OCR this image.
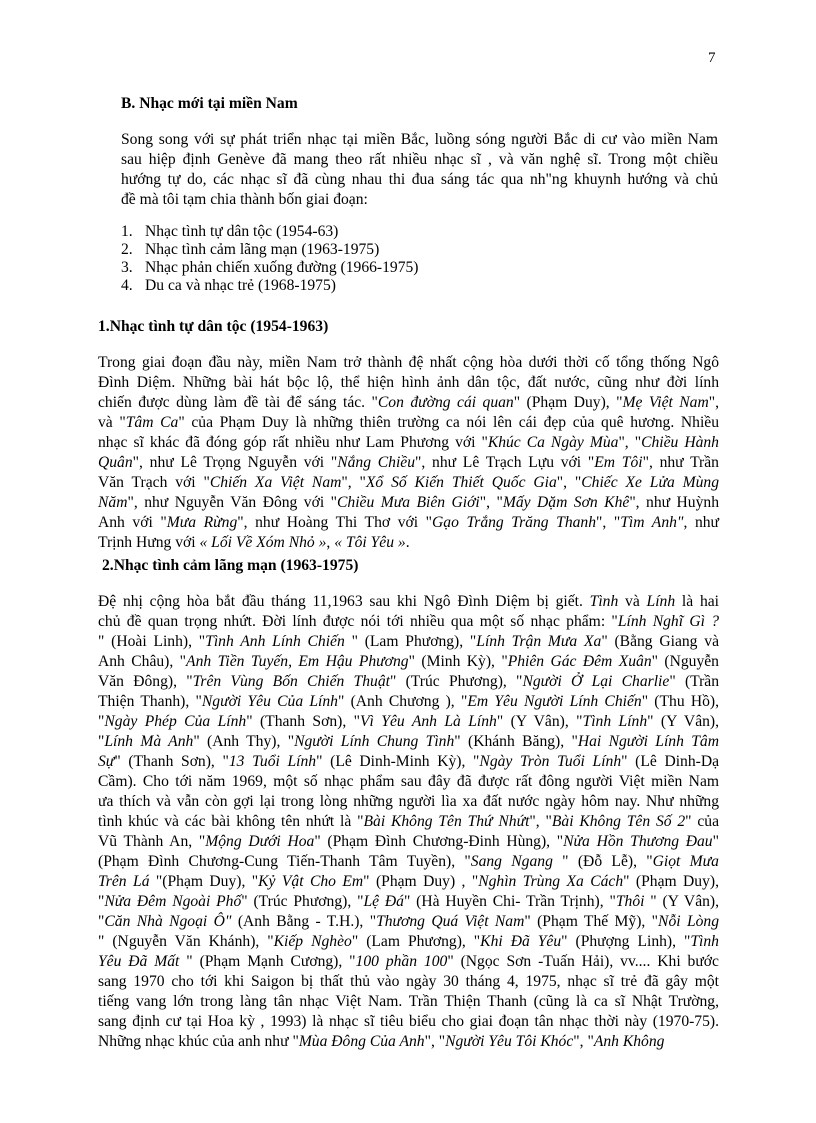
7
B. Nhạc mới tại miền Nam
Song song với sự phát triển nhạc tại miền Bắc, luồng sóng người Bắc di cư vào miền Nam
sau hiệp định Genève đã mang theo rất nhiều nhạc sĩ , và văn nghệ sĩ. Trong một chiều
hướng tự do, các nhạc sĩ đã cùng nhau thi đua sáng tác qua nh"ng khuynh hướng và chủ
đề mà tôi tạm chia thành bốn giai đoạn:
1. Nhạc tình tự dân tộc (1954-63)
2. Nhạc tình cảm lãng mạn (1963-1975)
3. Nhạc phản chiến xuống đường (1966-1975)
4. Du ca và nhạc trẻ (1968-1975)
1.Nhạc tình tự dân tộc (1954-1963)
Trong giai đoạn đầu này, miền Nam trở thành đệ nhất cộng hòa dưới thời cố tổng thống Ngô
Đình Diệm. Những bài hát bộc lộ, thể hiện hình ảnh dân tộc, đất nước, cũng như đời lính
chiến được dùng làm đề tài để sáng tác. "Con đường cái quan" (Phạm Duy), "Mẹ Việt Nam",
và "Tâm Ca" của Phạm Duy là những thiên trường ca nói lên cái đẹp của quê hương. Nhiều
nhạc sĩ khác đã đóng góp rất nhiều như Lam Phương với "Khúc Ca Ngày Mùa", "Chiều Hành
Quân", như Lê Trọng Nguyễn với "Nắng Chiều", như Lê Trạch Lựu với "Em Tôi", như Trần
Văn Trạch với "Chiến Xa Việt Nam", "Xổ Số Kiến Thiết Quốc Gia", "Chiếc Xe Lửa Mùng
Năm", như Nguyễn Văn Đông với "Chiều Mưa Biên Giới", "Mấy Dặm Sơn Khê", như Huỳnh
Anh với "Mưa Rừng", như Hoàng Thi Thơ với "Gạo Trắng Trăng Thanh", "Tìm Anh", như
Trịnh Hưng với « Lối Về Xóm Nhỏ », « Tôi Yêu ».
2.Nhạc tình cảm lãng mạn (1963-1975)
Đệ nhị cộng hòa bắt đầu tháng 11,1963 sau khi Ngô Đình Diệm bị giết. Tình và Lính là hai
chủ đề quan trọng nhứt. Đời lính được nói tới nhiều qua một số nhạc phẩm: "Lính Nghĩ Gì ?
" (Hoài Linh), "Tình Anh Lính Chiến " (Lam Phương), "Lính Trận Mưa Xa" (Bằng Giang và
Anh Châu), "Anh Tiền Tuyến, Em Hậu Phương" (Minh Kỳ), "Phiên Gác Đêm Xuân" (Nguyễn
Văn Đông), "Trên Vùng Bốn Chiến Thuật" (Trúc Phương), "Người Ở Lại Charlie" (Trần
Thiện Thanh), "Người Yêu Của Lính" (Anh Chương ), "Em Yêu Người Lính Chiến" (Thu Hồ),
"Ngày Phép Của Lính" (Thanh Sơn), "Vì Yêu Anh Là Lính" (Y Vân), "Tình Lính" (Y Vân),
"Lính Mà Anh" (Anh Thy), "Người Lính Chung Tình" (Khánh Băng), "Hai Người Lính Tâm
Sự" (Thanh Sơn), "13 Tuổi Lính" (Lê Dinh-Minh Kỳ), "Ngày Tròn Tuổi Lính" (Lê Dinh-Dạ
Cầm). Cho tới năm 1969, một số nhạc phẩm sau đây đã được rất đông người Việt miền Nam
ưa thích và vẫn còn gợi lại trong lòng những người lìa xa đất nước ngày hôm nay. Như những
tình khúc và các bài không tên nhứt là "Bài Không Tên Thứ Nhứt", "Bài Không Tên Số 2" của
Vũ Thành An, "Mộng Dưới Hoa" (Phạm Đình Chương-Đinh Hùng), "Nửa Hồn Thương Đau"
(Phạm Đình Chương-Cung Tiến-Thanh Tâm Tuyền), "Sang Ngang " (Đỗ Lễ), "Giọt Mưa
Trên Lá "(Phạm Duy), "Kỷ Vật Cho Em" (Phạm Duy) , "Nghìn Trùng Xa Cách" (Phạm Duy),
"Nửa Đêm Ngoài Phố" (Trúc Phương), "Lệ Đá" (Hà Huyền Chi- Trần Trịnh), "Thôi " (Y Vân),
"Căn Nhà Ngoại Ô" (Anh Bằng - T.H.), "Thương Quá Việt Nam" (Phạm Thế Mỹ), "Nỗi Lòng
" (Nguyễn Văn Khánh), "Kiếp Nghèo" (Lam Phương), "Khi Đã Yêu" (Phượng Linh), "Tình
Yêu Đã Mất " (Phạm Mạnh Cương), "100 phần 100" (Ngọc Sơn -Tuấn Hải), vv.... Khi bước
sang 1970 cho tới khi Saigon bị thất thủ vào ngày 30 tháng 4, 1975, nhạc sĩ trẻ đã gây một
tiếng vang lớn trong làng tân nhạc Việt Nam. Trần Thiện Thanh (cũng là ca sĩ Nhật Trường,
sang định cư tại Hoa kỳ , 1993) là nhạc sĩ tiêu biểu cho giai đoạn tân nhạc thời này (1970-75).
Những nhạc khúc của anh như "Mùa Đông Của Anh", "Người Yêu Tôi Khóc", "Anh Không
